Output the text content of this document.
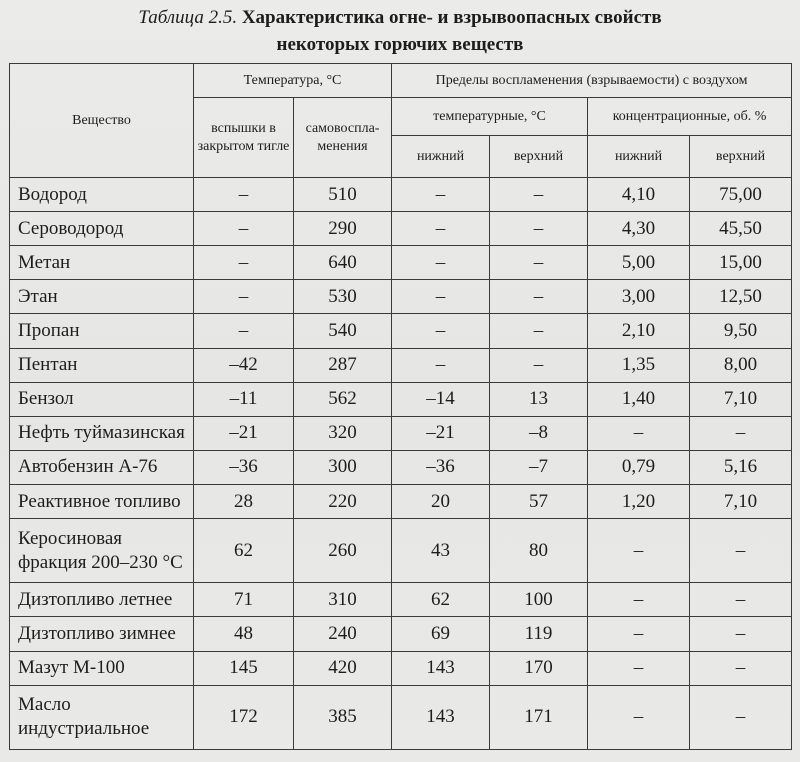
Таблица 2.5. Характеристика огне- и взрывоопасных свойств
некоторых горючих веществ
Вещество	Температура, °С		Пределы воспламенения (взрываемости) с воздухом			
	вспышки в закрытом тигле	самовоспла-менения	температурные, °С		концентрационные, об. %	
			нижний	верхний	нижний	верхний
Водород	–	510	–	–	4,10	75,00
Сероводород	–	290	–	–	4,30	45,50
Метан	–	640	–	–	5,00	15,00
Этан	–	530	–	–	3,00	12,50
Пропан	–	540	–	–	2,10	9,50
Пентан	–42	287	–	–	1,35	8,00
Бензол	–11	562	–14	13	1,40	7,10
Нефть туймазинская	–21	320	–21	–8	–	–
Автобензин А-76	–36	300	–36	–7	0,79	5,16
Реактивное топливо	28	220	20	57	1,20	7,10
Керосиновая фракция 200–230 °С	62	260	43	80	–	–
Дизтопливо летнее	71	310	62	100	–	–
Дизтопливо зимнее	48	240	69	119	–	–
Мазут М-100	145	420	143	170	–	–
Масло индустриальное	172	385	143	171	–	–
